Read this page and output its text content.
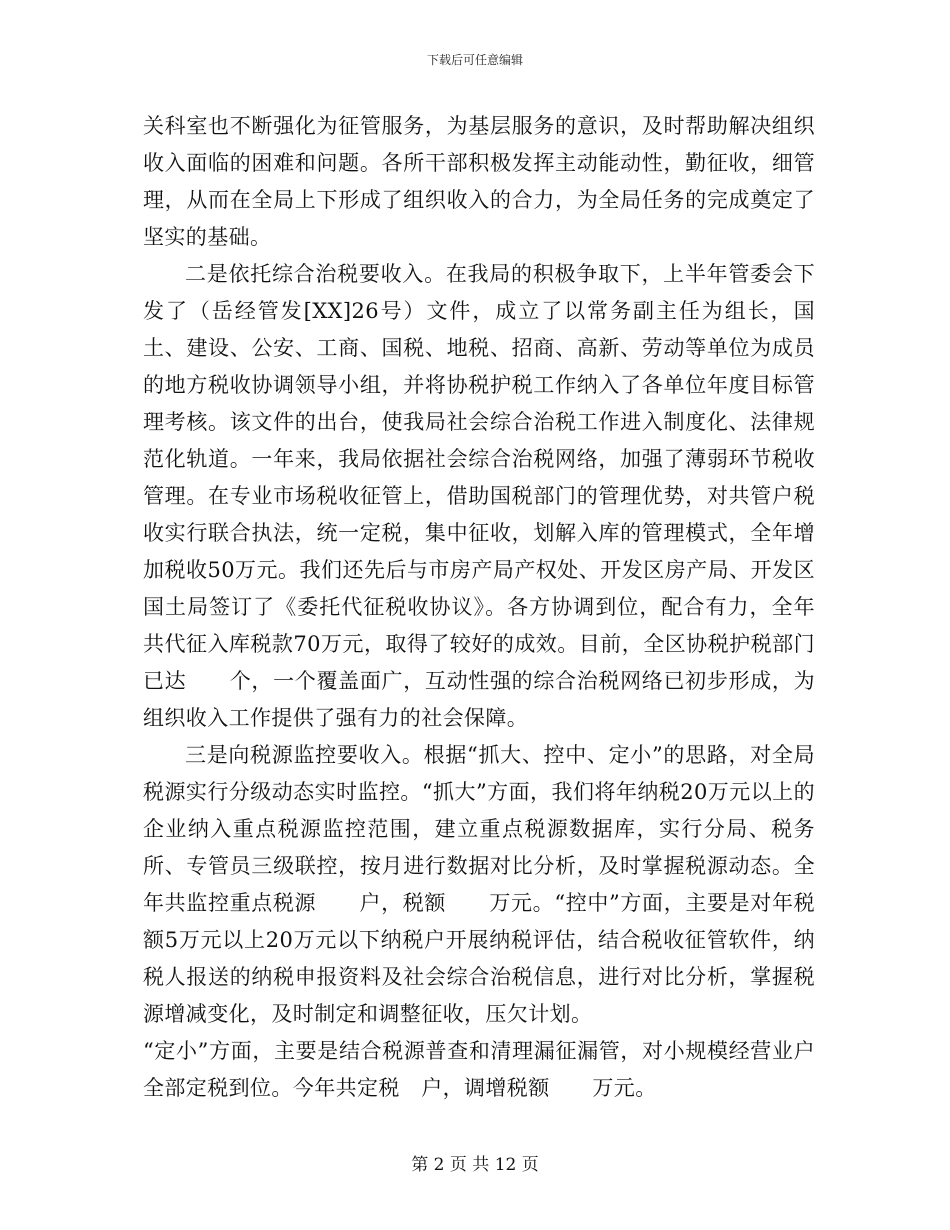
下载后可任意编辑

关科室也不断强化为征管服务，为基层服务的意识，及时帮助解决组织收入面临的困难和问题。各所干部积极发挥主动能动性，勤征收，细管理，从而在全局上下形成了组织收入的合力，为全局任务的完成奠定了坚实的基础。

二是依托综合治税要收入。在我局的积极争取下，上半年管委会下发了（岳经管发[XX]26号）文件，成立了以常务副主任为组长，国土、建设、公安、工商、国税、地税、招商、高新、劳动等单位为成员的地方税收协调领导小组，并将协税护税工作纳入了各单位年度目标管理考核。该文件的出台，使我局社会综合治税工作进入制度化、法律规范化轨道。一年来，我局依据社会综合治税网络，加强了薄弱环节税收管理。在专业市场税收征管上，借助国税部门的管理优势，对共管户税收实行联合执法，统一定税，集中征收，划解入库的管理模式，全年增加税收50万元。我们还先后与市房产局产权处、开发区房产局、开发区国土局签订了《委托代征税收协议》。各方协调到位，配合有力，全年共代征入库税款70万元，取得了较好的成效。目前，全区协税护税部门已达　　个，一个覆盖面广，互动性强的综合治税网络已初步形成，为组织收入工作提供了强有力的社会保障。

三是向税源监控要收入。根据“抓大、控中、定小”的思路，对全局税源实行分级动态实时监控。“抓大”方面，我们将年纳税20万元以上的企业纳入重点税源监控范围，建立重点税源数据库，实行分局、税务所、专管员三级联控，按月进行数据对比分析，及时掌握税源动态。全年共监控重点税源　　户，税额　　万元。“控中”方面，主要是对年税额5万元以上20万元以下纳税户开展纳税评估，结合税收征管软件，纳税人报送的纳税申报资料及社会综合治税信息，进行对比分析，掌握税源增减变化，及时制定和调整征收，压欠计划。

“定小”方面，主要是结合税源普查和清理漏征漏管，对小规模经营业户全部定税到位。今年共定税　户，调增税额　　万元。

第 2 页 共 12 页
